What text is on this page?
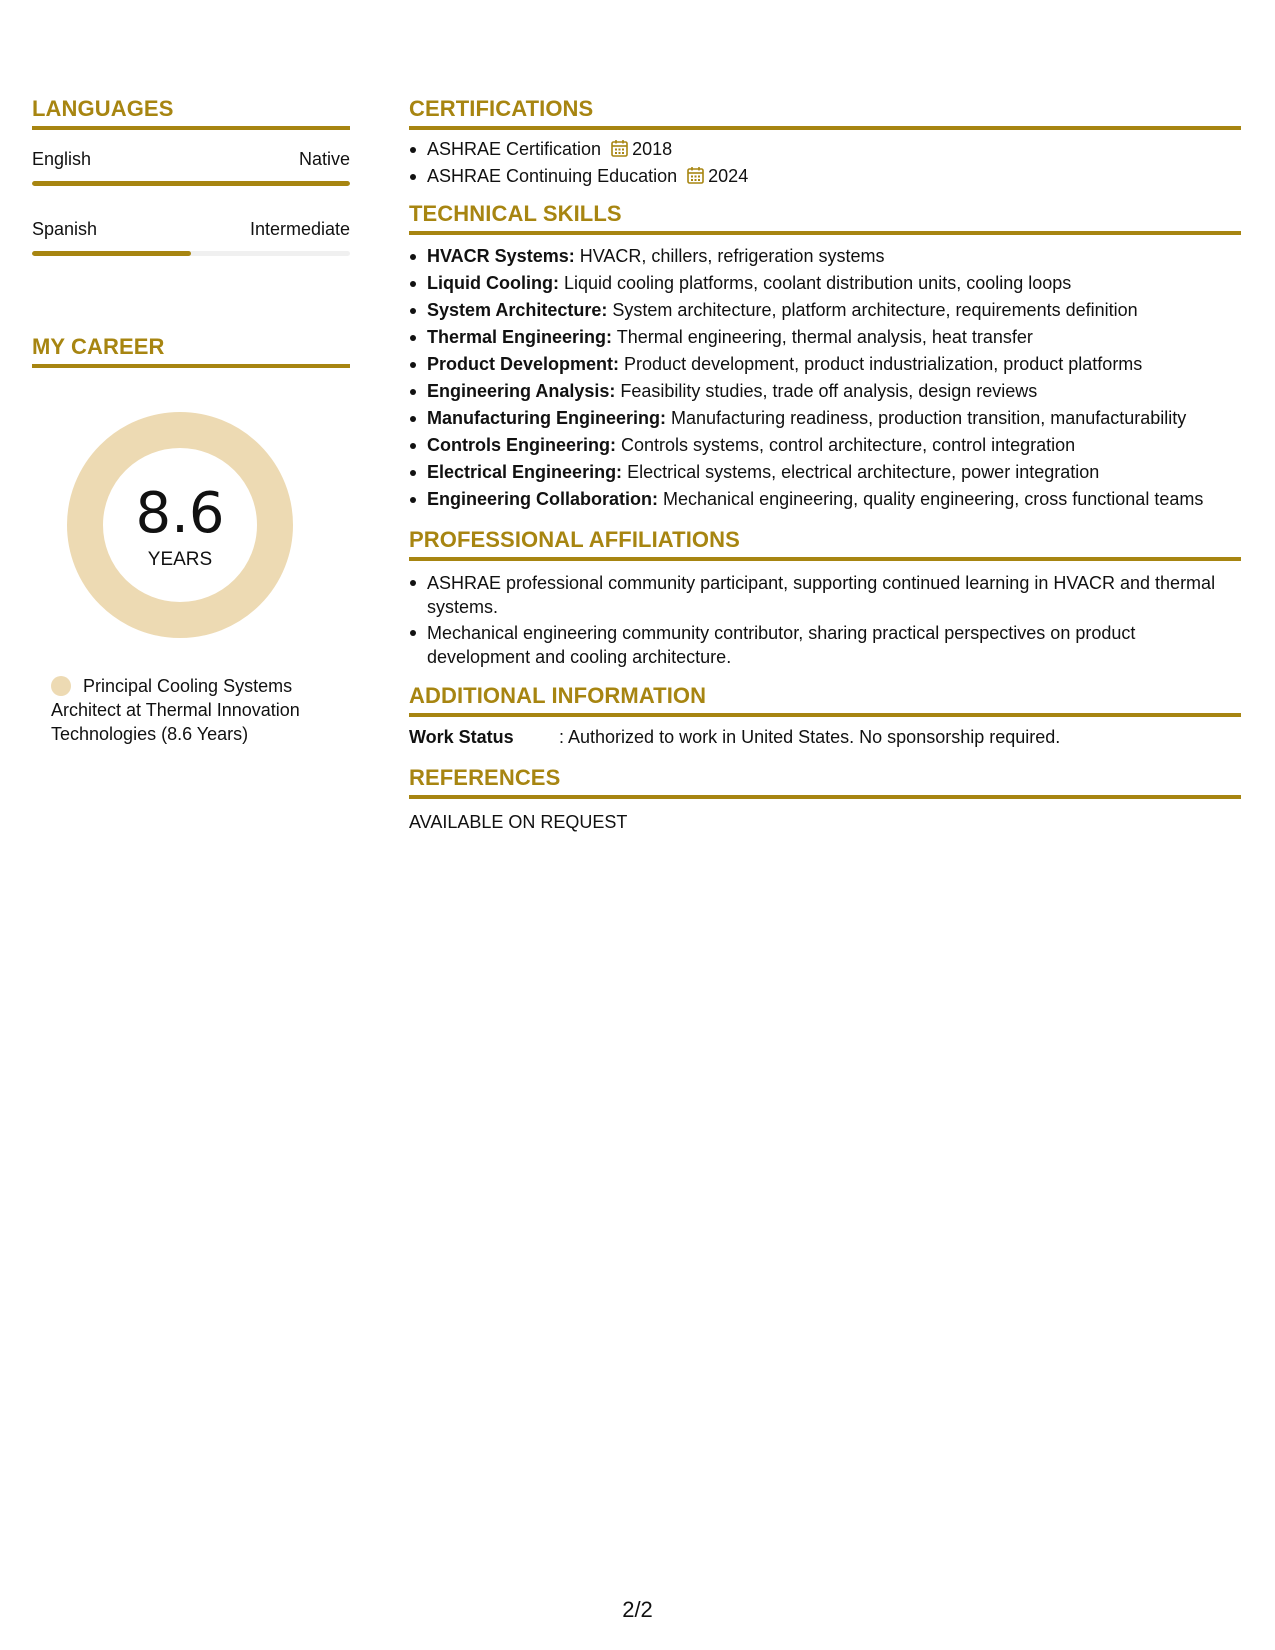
LANGUAGES
English	Native
Spanish	Intermediate
MY CAREER
8.6
YEARS
Principal Cooling Systems Architect at Thermal Innovation Technologies (8.6 Years)
CERTIFICATIONS
ASHRAE Certification 2018
ASHRAE Continuing Education 2024
TECHNICAL SKILLS
HVACR Systems: HVACR, chillers, refrigeration systems
Liquid Cooling: Liquid cooling platforms, coolant distribution units, cooling loops
System Architecture: System architecture, platform architecture, requirements definition
Thermal Engineering: Thermal engineering, thermal analysis, heat transfer
Product Development: Product development, product industrialization, product platforms
Engineering Analysis: Feasibility studies, trade off analysis, design reviews
Manufacturing Engineering: Manufacturing readiness, production transition, manufacturability
Controls Engineering: Controls systems, control architecture, control integration
Electrical Engineering: Electrical systems, electrical architecture, power integration
Engineering Collaboration: Mechanical engineering, quality engineering, cross functional teams
PROFESSIONAL AFFILIATIONS
ASHRAE professional community participant, supporting continued learning in HVACR and thermal systems.
Mechanical engineering community contributor, sharing practical perspectives on product development and cooling architecture.
ADDITIONAL INFORMATION
Work Status	: Authorized to work in United States. No sponsorship required.
REFERENCES
AVAILABLE ON REQUEST
2/2
